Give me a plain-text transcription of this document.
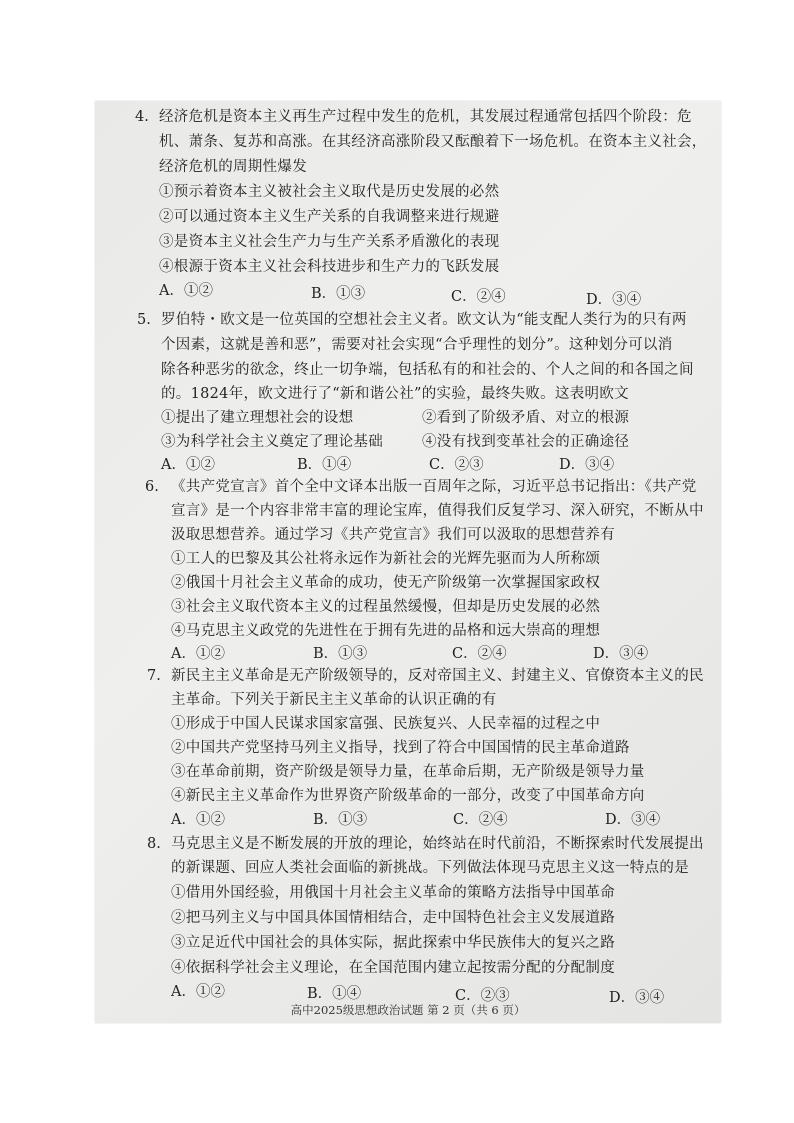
4. 经济危机是资本主义再生产过程中发生的危机，其发展过程通常包括四个阶段：危
机、萧条、复苏和高涨。在其经济高涨阶段又酝酿着下一场危机。在资本主义社会，
经济危机的周期性爆发
①预示着资本主义被社会主义取代是历史发展的必然
②可以通过资本主义生产关系的自我调整来进行规避
③是资本主义社会生产力与生产关系矛盾激化的表现
④根源于资本主义社会科技进步和生产力的飞跃发展
A．①②	B．①③	C．②④	D．③④
5. 罗伯特・欧文是一位英国的空想社会主义者。欧文认为“能支配人类行为的只有两
个因素，这就是善和恶”，需要对社会实现“合乎理性的划分”。这种划分可以消
除各种恶劣的欲念，终止一切争端，包括私有的和社会的、个人之间的和各国之间
的。1824年，欧文进行了“新和谐公社”的实验，最终失败。这表明欧文
①提出了建立理想社会的设想	②看到了阶级矛盾、对立的根源
③为科学社会主义奠定了理论基础	④没有找到变革社会的正确途径
A．①②	B．①④	C．②③	D．③④
6. 《共产党宣言》首个全中文译本出版一百周年之际，习近平总书记指出：《共产党
宣言》是一个内容非常丰富的理论宝库，值得我们反复学习、深入研究，不断从中
汲取思想营养。通过学习《共产党宣言》我们可以汲取的思想营养有
①工人的巴黎及其公社将永远作为新社会的光辉先驱而为人所称颂
②俄国十月社会主义革命的成功，使无产阶级第一次掌握国家政权
③社会主义取代资本主义的过程虽然缓慢，但却是历史发展的必然
④马克思主义政党的先进性在于拥有先进的品格和远大崇高的理想
A．①②	B．①③	C．②④	D．③④
7. 新民主主义革命是无产阶级领导的，反对帝国主义、封建主义、官僚资本主义的民
主革命。下列关于新民主主义革命的认识正确的有
①形成于中国人民谋求国家富强、民族复兴、人民幸福的过程之中
②中国共产党坚持马列主义指导，找到了符合中国国情的民主革命道路
③在革命前期，资产阶级是领导力量，在革命后期，无产阶级是领导力量
④新民主主义革命作为世界资产阶级革命的一部分，改变了中国革命方向
A．①②	B．①③	C．②④	D．③④
8. 马克思主义是不断发展的开放的理论，始终站在时代前沿，不断探索时代发展提出
的新课题、回应人类社会面临的新挑战。下列做法体现马克思主义这一特点的是
①借用外国经验，用俄国十月社会主义革命的策略方法指导中国革命
②把马列主义与中国具体国情相结合，走中国特色社会主义发展道路
③立足近代中国社会的具体实际，据此探索中华民族伟大的复兴之路
④依据科学社会主义理论，在全国范围内建立起按需分配的分配制度
A．①②	B．①④	C．②③	D．③④
高中2025级思想政治试题 第 2 页（共 6 页）
